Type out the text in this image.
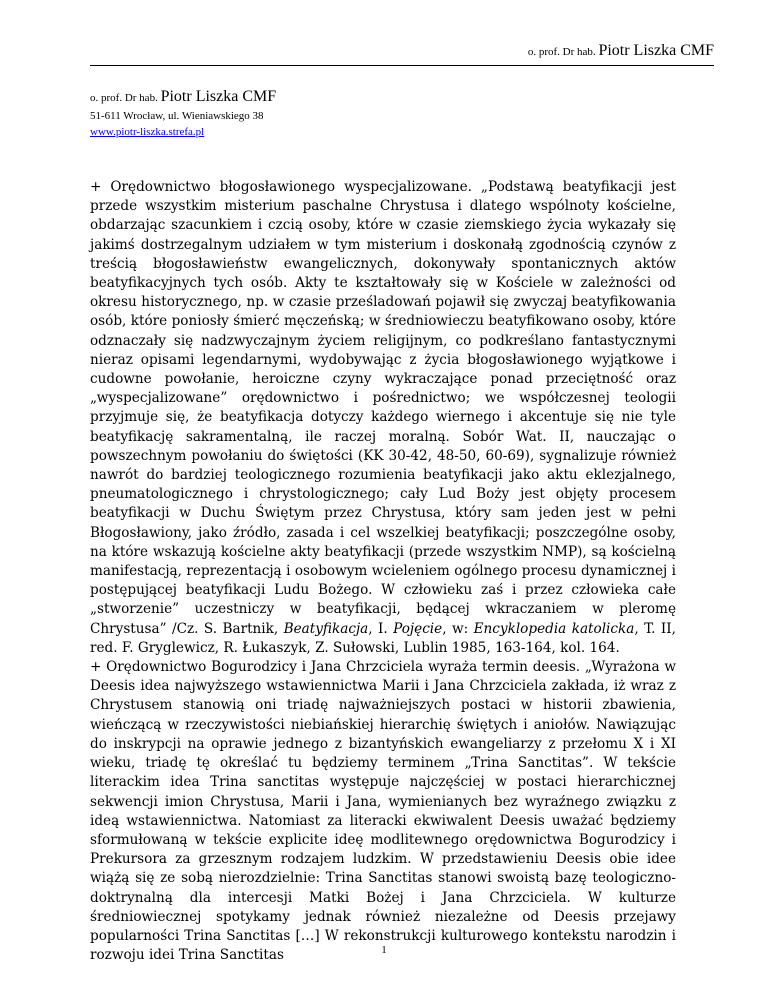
o. prof. Dr hab. Piotr Liszka CMF
o. prof. Dr hab. Piotr Liszka CMF
51-611 Wrocław, ul. Wieniawskiego 38
www.piotr-liszka.strefa.pl

+ Orędownictwo błogosławionego wyspecjalizowane. „Podstawą beatyfikacji jest przede wszystkim misterium paschalne Chrystusa i dlatego wspólnoty kościelne, obdarzając szacunkiem i czcią osoby, które w czasie ziemskiego życia wykazały się jakimś dostrzegalnym udziałem w tym misterium i doskonałą zgodnością czynów z treścią błogosławieństw ewangelicznych, dokonywały spontanicznych aktów beatyfikacyjnych tych osób. Akty te kształtowały się w Kościele w zależności od okresu historycznego, np. w czasie prześladowań pojawił się zwyczaj beatyfikowania osób, które poniosły śmierć męczeńską; w średniowieczu beatyfikowano osoby, które odznaczały się nadzwyczajnym życiem religijnym, co podkreślano fantastycznymi nieraz opisami legendarnymi, wydobywając z życia błogosławionego wyjątkowe i cudowne powołanie, heroiczne czyny wykraczające ponad przeciętność oraz „wyspecjalizowane” orędownictwo i pośrednictwo; we współczesnej teologii przyjmuje się, że beatyfikacja dotyczy każdego wiernego i akcentuje się nie tyle beatyfikację sakramentalną, ile raczej moralną. Sobór Wat. II, nauczając o powszechnym powołaniu do świętości (KK 30-42, 48-50, 60-69), sygnalizuje również nawrót do bardziej teologicznego rozumienia beatyfikacji jako aktu eklezjalnego, pneumatologicznego i chrystologicznego; cały Lud Boży jest objęty procesem beatyfikacji w Duchu Świętym przez Chrystusa, który sam jeden jest w pełni Błogosławiony, jako źródło, zasada i cel wszelkiej beatyfikacji; poszczególne osoby, na które wskazują kościelne akty beatyfikacji (przede wszystkim NMP), są kościelną manifestacją, reprezentacją i osobowym wcieleniem ogólnego procesu dynamicznej i postępującej beatyfikacji Ludu Bożego. W człowieku zaś i przez człowieka całe „stworzenie” uczestniczy w beatyfikacji, będącej wkraczaniem w pleromę Chrystusa” /Cz. S. Bartnik, Beatyfikacja, I. Pojęcie, w: Encyklopedia katolicka, T. II, red. F. Gryglewicz, R. Łukaszyk, Z. Sułowski, Lublin 1985, 163-164, kol. 164.

+ Orędownictwo Bogurodzicy i Jana Chrzciciela wyraża termin deesis. „Wyrażona w Deesis idea najwyższego wstawiennictwa Marii i Jana Chrzciciela zakłada, iż wraz z Chrystusem stanowią oni triadę najważniejszych postaci w historii zbawienia, wieńczącą w rzeczywistości niebiańskiej hierarchię świętych i aniołów. Nawiązując do inskrypcji na oprawie jednego z bizantyńskich ewangeliarzy z przełomu X i XI wieku, triadę tę określać tu będziemy terminem „Trina Sanctitas”. W tekście literackim idea Trina sanctitas występuje najczęściej w postaci hierarchicznej sekwencji imion Chrystusa, Marii i Jana, wymienianych bez wyraźnego związku z ideą wstawiennictwa. Natomiast za literacki ekwiwalent Deesis uważać będziemy sformułowaną w tekście explicite ideę modlitewnego orędownictwa Bogurodzicy i Prekursora za grzesznym rodzajem ludzkim. W przedstawieniu Deesis obie idee wiążą się ze sobą nierozdzielnie: Trina Sanctitas stanowi swoistą bazę teologiczno-doktrynalną dla intercesji Matki Bożej i Jana Chrzciciela. W kulturze średniowiecznej spotykamy jednak również niezależne od Deesis przejawy popularności Trina Sanctitas […] W rekonstrukcji kulturowego kontekstu narodzin i rozwoju idei Trina Sanctitas	1
